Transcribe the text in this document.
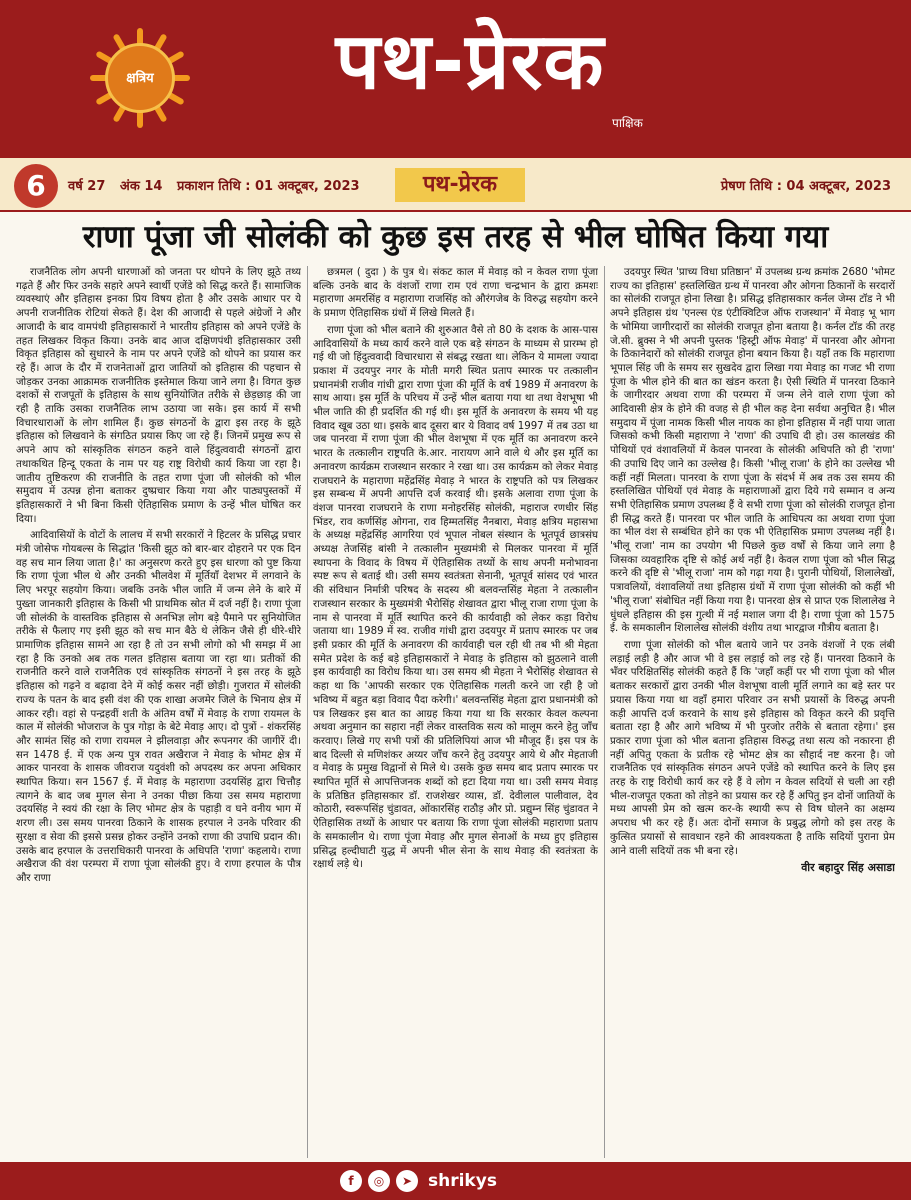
क्षत्रिय	पथ-प्रेरक
पाक्षिक
6	वर्ष 27 अंक 14 प्रकाशन तिथि : 01 अक्टूबर, 2023	पथ-प्रेरक	प्रेषण तिथि : 04 अक्टूबर, 2023
राणा पूंजा जी सोलंकी को कुछ इस तरह से भील घोषित किया गया

राजनैतिक लोग अपनी धारणाओं को जनता पर थोपने के लिए झूठे तथ्य गढ़ते हैं और फिर उनके सहारे अपने स्वार्थी एजेंडे को सिद्ध करते हैं। सामाजिक व्यवस्थाएं और इतिहास इनका प्रिय विषय होता है और उसके आधार पर ये अपनी राजनीतिक रोटियां सेकते हैं। देश की आजादी से पहले अंग्रेजों ने और आजादी के बाद वामपंथी इतिहासकारों ने भारतीय इतिहास को अपने एजेंडे के तहत लिखकर विकृत किया। उनके बाद आज दक्षिणपंथी इतिहासकार उसी विकृत इतिहास को सुधारने के नाम पर अपने एजेंडे को थोपने का प्रयास कर रहे हैं। आज के दौर में राजनेताओं द्वारा जातियों को इतिहास की पहचान से जोड़कर उनका आक्रामक राजनीतिक इस्तेमाल किया जाने लगा है। विगत कुछ दशकों से राजपूतों के इतिहास के साथ सुनियोजित तरीके से छेड़छाड़ की जा रही है ताकि उसका राजनैतिक लाभ उठाया जा सके। इस कार्य में सभी विचारधाराओं के लोग शामिल हैं। कुछ संगठनों के द्वारा इस तरह के झूठे इतिहास को लिखवाने के संगठित प्रयास किए जा रहे हैं। जिनमें प्रमुख रूप से अपने आप को सांस्कृतिक संगठन कहने वाले हिंदुत्ववादी संगठनों द्वारा तथाकथित हिन्दू एकता के नाम पर यह राष्ट्र विरोधी कार्य किया जा रहा है। जातीय तुष्टिकरण की राजनीति के तहत राणा पूंजा जी सोलंकी को भील समुदाय में उत्पन्न होना बताकर दुष्प्रचार किया गया और पाठ्यपुस्तकों में इतिहासकारों ने भी बिना किसी ऐतिहासिक प्रमाण के उन्हें भील घोषित कर दिया।

आदिवासियों के वोटों के लालच में सभी सरकारों ने हिटलर के प्रसिद्ध प्रचार मंत्री जोसेफ गोयबल्स के सिद्धांत 'किसी झूठ को बार-बार दोहराने पर एक दिन वह सच मान लिया जाता है।' का अनुसरण करते हुए इस धारणा को पुष्ट किया कि राणा पूंजा भील थे और उनकी भीलवेश में मूर्तियाँ देशभर में लगवाने के लिए भरपूर सहयोग किया। जबकि उनके भील जाति में जन्म लेने के बारे में पुख्ता जानकारी इतिहास के किसी भी प्राथमिक स्रोत में दर्ज नहीं है। राणा पूंजा जी सोलंकी के वास्तविक इतिहास से अनभिज्ञ लोग बड़े पैमाने पर सुनियोजित तरीके से फैलाए गए इसी झूठ को सच मान बैठे थे लेकिन जैसे ही धीरे-धीरे प्रामाणिक इतिहास सामने आ रहा है तो उन सभी लोगो को भी समझ में आ रहा है कि उनको अब तक गलत इतिहास बताया जा रहा था। प्रतीकों की राजनीति करने वाले राजनैतिक एवं सांस्कृतिक संगठनों ने इस तरह के झूठे इतिहास को गढ़ने व बढ़ावा देने में कोई कसर नहीं छोड़ी। गुजरात में सोलंकी राज्य के पतन के बाद इसी वंश की एक शाखा अजमेर जिले के भिनाय क्षेत्र में आकर रही। वहां से पन्द्रहवीं शती के अंतिम वर्षों में मेवाड़ के राणा रायमल के काल में सोलंकी भोजराज के पुत्र गोड़ा के बेटे मेवाड़ आए। दो पुत्रों - शंकरसिंह और सामंत सिंह को राणा रायमल ने झीलवाड़ा और रूपनगर की जागीरें दी। सन 1478 ई. में एक अन्य पुत्र रावत अखैराज ने मेवाड़ के भोमट क्षेत्र में आकर पानरवा के शासक जीवराज यदुवंशी को अपदस्थ कर अपना अधिकार स्थापित किया। सन 1567 ई. में मेवाड़ के महाराणा उदयसिंह द्वारा चित्तौड़ त्यागने के बाद जब मुगल सेना ने उनका पीछा किया उस समय महाराणा उदयसिंह ने स्वयं की रक्षा के लिए भोमट क्षेत्र के पहाड़ी व घने वनीय भाग में शरण ली। उस समय पानरवा ठिकाने के शासक हरपाल ने उनके परिवार की सुरक्षा व सेवा की इससे प्रसन्न होकर उन्होंने उनको राणा की उपाधि प्रदान की। उसके बाद हरपाल के उत्तराधिकारी पानरवा के अधिपति 'राणा' कहलाये। राणा अखैराज की वंश परम्परा में राणा पूंजा सोलंकी हुए। वे राणा हरपाल के पौत्र और राणा

छत्रमल ( दुदा ) के पुत्र थे। संकट काल में मेवाड़ को न केवल राणा पूंजा बल्कि उनके बाद के वंशजों राणा राम एवं राणा चन्द्रभान के द्वारा क्रमशः महाराणा अमरसिंह व महाराणा राजसिंह को औरंगजेब के विरुद्ध सहयोग करने के प्रमाण ऐतिहासिक ग्रंथों में लिखे मिलते हैं।

राणा पूंजा को भील बताने की शुरुआत वैसे तो 80 के दशक के आस-पास आदिवासियों के मध्य कार्य करने वाले एक बड़े संगठन के माध्यम से प्रारम्भ हो गई थी जो हिंदुत्ववादी विचारधारा से संबद्ध रखता था। लेकिन ये मामला ज्यादा प्रकाश में उदयपुर नगर के मोती मगरी स्थित प्रताप स्मारक पर तत्कालीन प्रधानमंत्री राजीव गांधी द्वारा राणा पूंजा की मूर्ति के वर्ष 1989 में अनावरण के साथ आया। इस मूर्ति के परिचय में उन्हें भील बताया गया था तथा वेशभूषा भी भील जाति की ही प्रदर्शित की गई थी। इस मूर्ति के अनावरण के समय भी यह विवाद खूब उठा था। इसके बाद दूसरा बार ये विवाद वर्ष 1997 में तब उठा था जब पानरवा में राणा पूंजा की भील वेशभूषा में एक मूर्ति का अनावरण करने भारत के तत्कालीन राष्ट्रपति के.आर. नारायण आने वाले थे और इस मूर्ति का अनावरण कार्यक्रम राजस्थान सरकार ने रखा था। उस कार्यक्रम को लेकर मेवाड़ राजघराने के महाराणा महेंद्रसिंह मेवाड़ ने भारत के राष्ट्रपति को पत्र लिखकर इस सम्बन्ध में अपनी आपत्ति दर्ज करवाई थी। इसके अलावा राणा पूंजा के वंशज पानरवा राजघराने के राणा मनोहरसिंह सोलंकी, महाराज रणधीर सिंह भिंडर, राव कर्णसिंह ओगना, राव हिम्मतसिंह नैनबारा, मेवाड़ क्षत्रिय महासभा के अध्यक्ष महेंद्रसिंह आगरिया एवं भूपाल नोबल संस्थान के भूतपूर्व छात्रसंघ अध्यक्ष तेजसिंह बांसी ने तत्कालीन मुख्यमंत्री से मिलकर पानरवा में मूर्ति स्थापना के विवाद के विषय में ऐतिहासिक तथ्यों के साथ अपनी मनोभावना स्पष्ट रूप से बताई थी। उसी समय स्वतंत्रता सेनानी, भूतपूर्व सांसद एवं भारत की संविधान निर्मात्री परिषद के सदस्य श्री बलवन्तसिंह मेहता ने तत्कालीन राजस्थान सरकार के मुख्यमंत्री भैरोसिंह शेखावत द्वारा भीलू राजा राणा पूंजा के नाम से पानरवा में मूर्ति स्थापित करने की कार्यवाही को लेकर कड़ा विरोध जताया था। 1989 में स्व. राजीव गांधी द्वारा उदयपुर में प्रताप स्मारक पर जब इसी प्रकार की मूर्ति के अनावरण की कार्यवाही चल रही थी तब भी श्री मेहता समेत प्रदेश के कई बड़े इतिहासकारों ने मेवाड़ के इतिहास को झुठलाने वाली इस कार्यवाही का विरोध किया था। उस समय श्री मेहता ने भैरोसिंह शेखावत से कहा था कि 'आपकी सरकार एक ऐतिहासिक गलती करने जा रही है जो भविष्य में बहुत बड़ा विवाद पैदा करेगी।' बलवन्तसिंह मेहता द्वारा प्रधानमंत्री को पत्र लिखकर इस बात का आग्रह किया गया था कि सरकार केवल कल्पना अथवा अनुमान का सहारा नहीं लेकर वास्तविक सत्य को मालूम करने हेतु जाँच करवाए। लिखे गए सभी पत्रों की प्रतिलिपियां आज भी मौजूद हैं। इस पत्र के बाद दिल्ली से मणिशंकर अय्यर जाँच करने हेतु उदयपुर आये थे और मेहताजी व मेवाड़ के प्रमुख विद्वानों से मिले थे। उसके कुछ समय बाद प्रताप स्मारक पर स्थापित मूर्ति से आपत्तिजनक शब्दों को हटा दिया गया था। उसी समय मेवाड़ के प्रतिष्ठित इतिहासकार डॉ. राजशेखर व्यास, डॉ. देवीलाल पालीवाल, देव कोठारी, स्वरूपसिंह चुंडावत, ओंकारसिंह राठौड़ और प्रो. प्रद्युम्न सिंह चुंडावत ने ऐतिहासिक तथ्यों के आधार पर बताया कि राणा पूंजा सोलंकी महाराणा प्रताप के समकालीन थे। राणा पूंजा मेवाड़ और मुगल सेनाओं के मध्य हुए इतिहास प्रसिद्ध हल्दीघाटी युद्ध में अपनी भील सेना के साथ मेवाड़ की स्वतंत्रता के रक्षार्थ लड़े थे।

उदयपुर स्थित 'प्राच्य विधा प्रतिष्ठान' में उपलब्ध ग्रन्थ क्रमांक 2680 'भोमट राज्य का इतिहास' हस्तलिखित ग्रन्थ में पानरवा और ओगना ठिकानों के सरदारों का सोलंकी राजपूत होना लिखा है। प्रसिद्ध इतिहासकार कर्नल जेम्स टॉड ने भी अपने इतिहास ग्रंथ 'एनल्स एंड एंटीक्विटिज ऑफ राजस्थान' में मेवाड़ भू भाग के भोमिया जागीरदारों का सोलंकी राजपूत होना बताया है। कर्नल टॉड की तरह जे.सी. ब्रुक्स ने भी अपनी पुस्तक 'हिस्ट्री ऑफ मेवाड़' में पानरवा और ओगना के ठिकानेदारों को सोलंकी राजपूत होना बयान किया है। यहाँ तक कि महाराणा भूपाल सिंह जी के समय सर सुखदेव द्वारा लिखा गया मेवाड़ का गजट भी राणा पूंजा के भील होने की बात का खंडन करता है। ऐसी स्थिति में पानरवा ठिकाने के जागीरदार अथवा राणा की परम्परा में जन्म लेने वाले राणा पूंजा को आदिवासी क्षेत्र के होने की वजह से ही भील कह देना सर्वथा अनुचित है। भील समुदाय में पूंजा नामक किसी भील नायक का होना इतिहास में नहीं पाया जाता जिसको कभी किसी महाराणा ने 'राणा' की उपाधि दी हो। उस कालखंड की पोथियों एवं वंशावलियों में केवल पानरवा के सोलंकी अधिपति को ही 'राणा' की उपाधि दिए जाने का उल्लेख है। किसी 'भीलू राजा' के होने का उल्लेख भी कहीं नहीं मिलता। पानरवा के राणा पूंजा के संदर्भ में अब तक उस समय की हस्तलिखित पोथियों एवं मेवाड़ के महाराणाओं द्वारा दिये गये सम्मान व अन्य सभी ऐतिहासिक प्रमाण उपलब्ध हैं वे सभी राणा पूंजा को सोलंकी राजपूत होना ही सिद्ध करते हैं। पानरवा पर भील जाति के आधिपत्य का अथवा राणा पूंजा का भील वंश से सम्बंधित होने का एक भी ऐतिहासिक प्रमाण उपलब्ध नहीं है। 'भीलू राजा' नाम का उपयोग भी पिछले कुछ वर्षों से किया जाने लगा है जिसका व्यवहारिक दृष्टि से कोई अर्थ नहीं है। केवल राणा पूंजा को भील सिद्ध करने की दृष्टि से 'भीलू राजा' नाम को गढ़ा गया है। पुरानी पोथियों, शिलालेखों, पत्रावलियों, वंशावलियों तथा इतिहास ग्रंथों में राणा पूंजा सोलंकी को कहीं भी 'भीलू राजा' संबोधित नहीं किया गया है। पानरवा क्षेत्र से प्राप्त एक शिलालेख ने धुंधले इतिहास की इस गुत्थी में नई मशाल जगा दी है। राणा पूंजा को 1575 ई. के समकालीन शिलालेख सोलंकी वंशीय तथा भारद्वाज गौत्रीय बताता है।

राणा पूंजा सोलंकी को भील बताये जाने पर उनके वंशजों ने एक लंबी लड़ाई लड़ी है और आज भी वे इस लड़ाई को लड़ रहे हैं। पानरवा ठिकाने के भँवर परिक्षितसिंह सोलंकी कहते हैं कि 'जहाँ कहीं पर भी राणा पूंजा को भील बताकर सरकारों द्वारा उनकी भील वेशभूषा वाली मूर्ति लगाने का बड़े स्तर पर प्रयास किया गया था वहाँ हमारा परिवार उन सभी प्रयासों के विरुद्ध अपनी कड़ी आपत्ति दर्ज करवाने के साथ इसे इतिहास को विकृत करने की प्रवृत्ति बताता रहा है और आगे भविष्य में भी पुरजोर तरीके से बताता रहेगा।' इस प्रकार राणा पूंजा को भील बताना इतिहास विरुद्ध तथा सत्य को नकारना ही नहीं अपितु एकता के प्रतीक रहे भोमट क्षेत्र का सौहार्द नष्ट करना है। जो राजनैतिक एवं सांस्कृतिक संगठन अपने एजेंडे को स्थापित करने के लिए इस तरह के राष्ट्र विरोधी कार्य कर रहे हैं वे लोग न केवल सदियों से चली आ रही भील-राजपूत एकता को तोड़ने का प्रयास कर रहे हैं अपितु इन दोनों जातियों के मध्य आपसी प्रेम को खत्म कर-के स्थायी रूप से विष घोलने का अक्षम्य अपराध भी कर रहे हैं। अतः दोनों समाज के प्रबुद्ध लोगो को इस तरह के कुत्सित प्रयासों से सावधान रहने की आवश्यकता है ताकि सदियों पुराना प्रेम आने वाली सदियों तक भी बना रहे।

वीर बहादुर सिंह असाडा
f	◎	➤ shrikys
